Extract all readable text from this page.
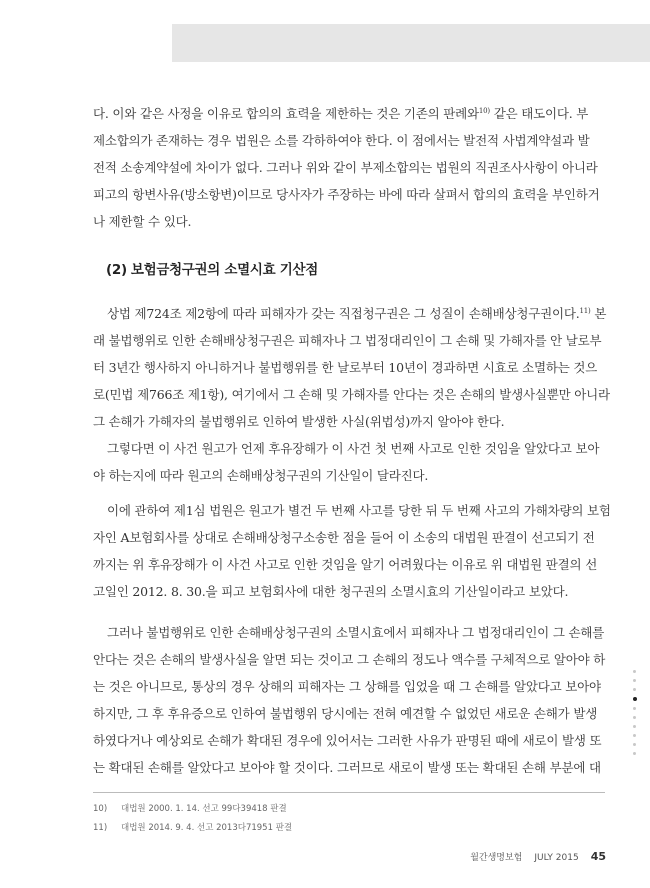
다. 이와 같은 사정을 이유로 합의의 효력을 제한하는 것은 기존의 판례와$^{10)}$ 같은 태도이다. 부
제소합의가 존재하는 경우 법원은 소를 각하하여야 한다. 이 점에서는 발전적 사법계약설과 발
전적 소송계약설에 차이가 없다. 그러나 위와 같이 부제소합의는 법원의 직권조사사항이 아니라
피고의 항변사유(방소항변)이므로 당사자가 주장하는 바에 따라 살펴서 합의의 효력을 부인하거
나 제한할 수 있다.

(2) 보험금청구권의 소멸시효 기산점

상법 제724조 제2항에 따라 피해자가 갖는 직접청구권은 그 성질이 손해배상청구권이다.$^{11)}$ 본
래 불법행위로 인한 손해배상청구권은 피해자나 그 법정대리인이 그 손해 및 가해자를 안 날로부
터 3년간 행사하지 아니하거나 불법행위를 한 날로부터 10년이 경과하면 시효로 소멸하는 것으
로(민법 제766조 제1항), 여기에서 그 손해 및 가해자를 안다는 것은 손해의 발생사실뿐만 아니라
그 손해가 가해자의 불법행위로 인하여 발생한 사실(위법성)까지 알아야 한다.
그렇다면 이 사건 원고가 언제 후유장해가 이 사건 첫 번째 사고로 인한 것임을 알았다고 보아
야 하는지에 따라 원고의 손해배상청구권의 기산일이 달라진다.

이에 관하여 제1심 법원은 원고가 별건 두 번째 사고를 당한 뒤 두 번째 사고의 가해차량의 보험
자인 A보험회사를 상대로 손해배상청구소송한 점을 들어 이 소송의 대법원 판결이 선고되기 전
까지는 위 후유장해가 이 사건 사고로 인한 것임을 알기 어려웠다는 이유로 위 대법원 판결의 선
고일인 2012. 8. 30.을 피고 보험회사에 대한 청구권의 소멸시효의 기산일이라고 보았다.

그러나 불법행위로 인한 손해배상청구권의 소멸시효에서 피해자나 그 법정대리인이 그 손해를
안다는 것은 손해의 발생사실을 알면 되는 것이고 그 손해의 정도나 액수를 구체적으로 알아야 하
는 것은 아니므로, 통상의 경우 상해의 피해자는 그 상해를 입었을 때 그 손해를 알았다고 보아야
하지만, 그 후 후유증으로 인하여 불법행위 당시에는 전혀 예견할 수 없었던 새로운 손해가 발생
하였다거나 예상외로 손해가 확대된 경우에 있어서는 그러한 사유가 판명된 때에 새로이 발생 또
는 확대된 손해를 알았다고 보아야 할 것이다. 그러므로 새로이 발생 또는 확대된 손해 부분에 대

10)	대법원 2000. 1. 14. 선고 99다39418 판결
11)	대법원 2014. 9. 4. 선고 2013다71951 판결
월간생명보험 JULY 2015 45
